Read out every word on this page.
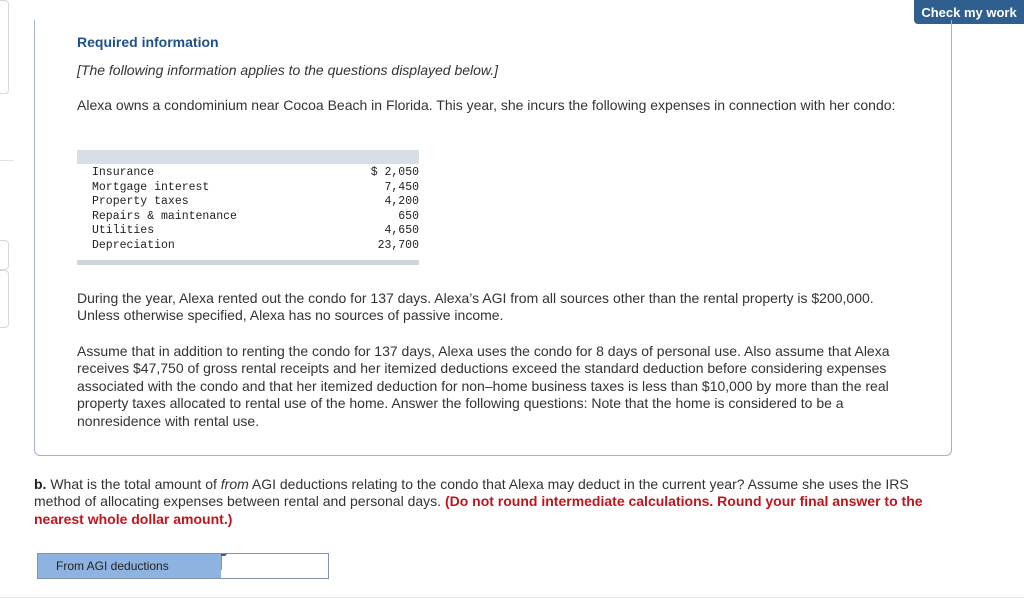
Check my work
Required information
[The following information applies to the questions displayed below.]
Alexa owns a condominium near Cocoa Beach in Florida. This year, she incurs the following expenses in connection with her condo:
Insurance	$ 2,050
Mortgage interest	7,450
Property taxes	4,200
Repairs & maintenance	650
Utilities	4,650
Depreciation	23,700
During the year, Alexa rented out the condo for 137 days. Alexa’s AGI from all sources other than the rental property is $200,000. Unless otherwise specified, Alexa has no sources of passive income.
Assume that in addition to renting the condo for 137 days, Alexa uses the condo for 8 days of personal use. Also assume that Alexa receives $47,750 of gross rental receipts and her itemized deductions exceed the standard deduction before considering expenses associated with the condo and that her itemized deduction for non–home business taxes is less than $10,000 by more than the real property taxes allocated to rental use of the home. Answer the following questions: Note that the home is considered to be a nonresidence with rental use.
b. What is the total amount of from AGI deductions relating to the condo that Alexa may deduct in the current year? Assume she uses the IRS method of allocating expenses between rental and personal days. (Do not round intermediate calculations. Round your final answer to the nearest whole dollar amount.)
From AGI deductions
